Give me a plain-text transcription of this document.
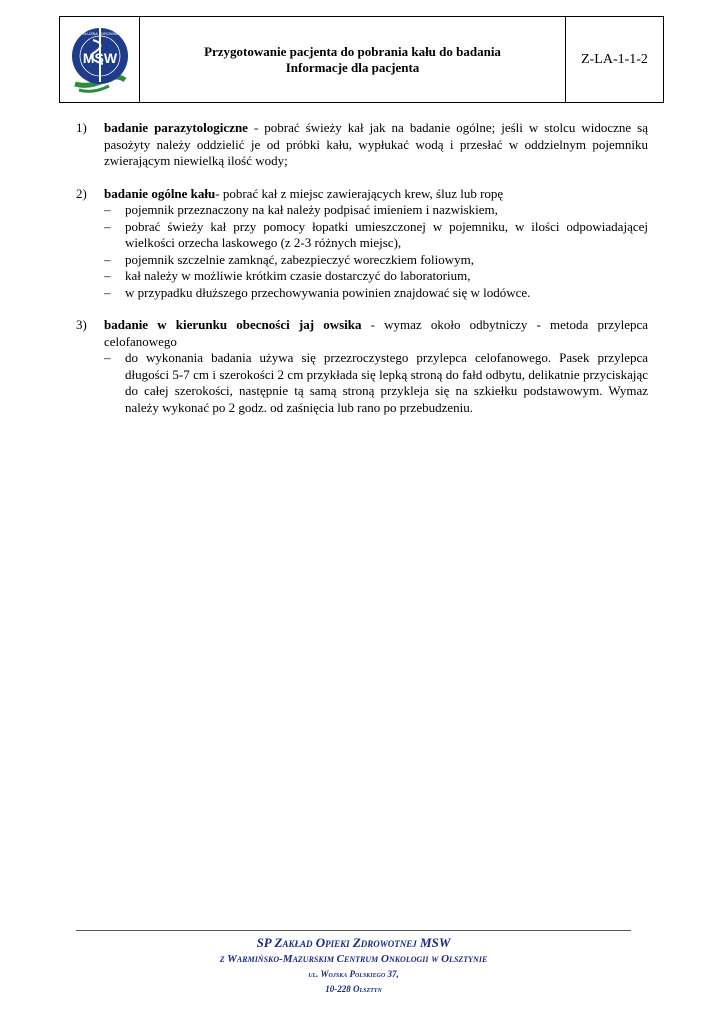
SŁUŻBA ZDROWIA
MSW	Przygotowanie pacjenta do pobrania kału do badania
Informacje dla pacjenta
Z-LA-1-1-2
1) badanie parazytologiczne - pobrać świeży kał jak na badanie ogólne; jeśli w stolcu widoczne są pasożyty należy oddzielić je od próbki kału, wypłukać wodą i przesłać w oddzielnym pojemniku zwierającym niewielką ilość wody;
2) badanie ogólne kału- pobrać kał z miejsc zawierających krew, śluz lub ropę
– pojemnik przeznaczony na kał należy podpisać imieniem i nazwiskiem,
– pobrać świeży kał przy pomocy łopatki umieszczonej w pojemniku, w ilości odpowiadającej wielkości orzecha laskowego (z 2-3 różnych miejsc),
– pojemnik szczelnie zamknąć, zabezpieczyć woreczkiem foliowym,
– kał należy w możliwie krótkim czasie dostarczyć do laboratorium,
– w przypadku dłuższego przechowywania powinien znajdować się w lodówce.
3) badanie w kierunku obecności jaj owsika - wymaz około odbytniczy - metoda przylepca celofanowego
– do wykonania badania używa się przezroczystego przylepca celofanowego. Pasek przylepca długości 5-7 cm i szerokości 2 cm przykłada się lepką stroną do fałd odbytu, delikatnie przyciskając do całej szerokości, następnie tą samą stroną przykleja się na szkiełku podstawowym. Wymaz należy wykonać po 2 godz. od zaśnięcia lub rano po przebudzeniu.
SP Zakład Opieki Zdrowotnej MSW
z Warmińsko-Mazurskim Centrum Onkologii w Olsztynie
ul. Wojska Polskiego 37,
10-228 Olsztyn
